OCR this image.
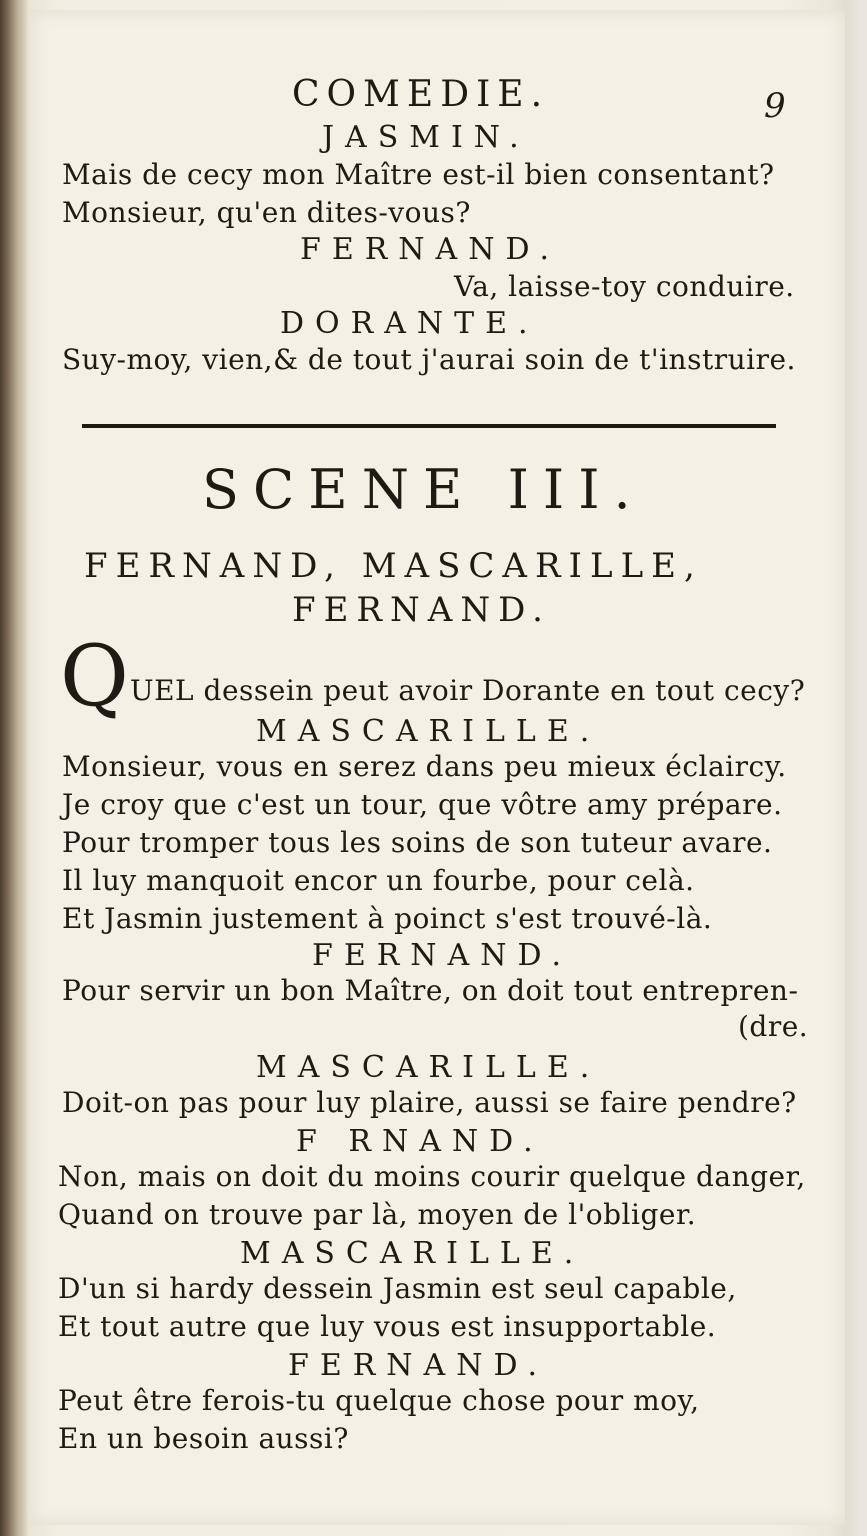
COMEDIE.	9
JASMIN.
Mais de cecy mon Maître est-il bien consentant?
Monsieur, qu'en dites-vous?
FERNAND.
Va, laisse-toy conduire.
DORANTE.
Suy-moy, vien,& de tout j'aurai soin de t'instruire.
SCENE III.
FERNAND, MASCARILLE,
FERNAND.
Q UEL dessein peut avoir Dorante en tout cecy?
MASCARILLE.
Monsieur, vous en serez dans peu mieux éclaircy.
Je croy que c'est un tour, que vôtre amy prépare.
Pour tromper tous les soins de son tuteur avare.
Il luy manquoit encor un fourbe, pour celà.
Et Jasmin justement à poinct s'est trouvé-là.
FERNAND.
Pour servir un bon Maître, on doit tout entrepren-
(dre.
MASCARILLE.
Doit-on pas pour luy plaire, aussi se faire pendre?
F RNAND.
Non, mais on doit du moins courir quelque danger,
Quand on trouve par là, moyen de l'obliger.
MASCARILLE.
D'un si hardy dessein Jasmin est seul capable,
Et tout autre que luy vous est insupportable.
FERNAND.
Peut être ferois-tu quelque chose pour moy,
En un besoin aussi?
